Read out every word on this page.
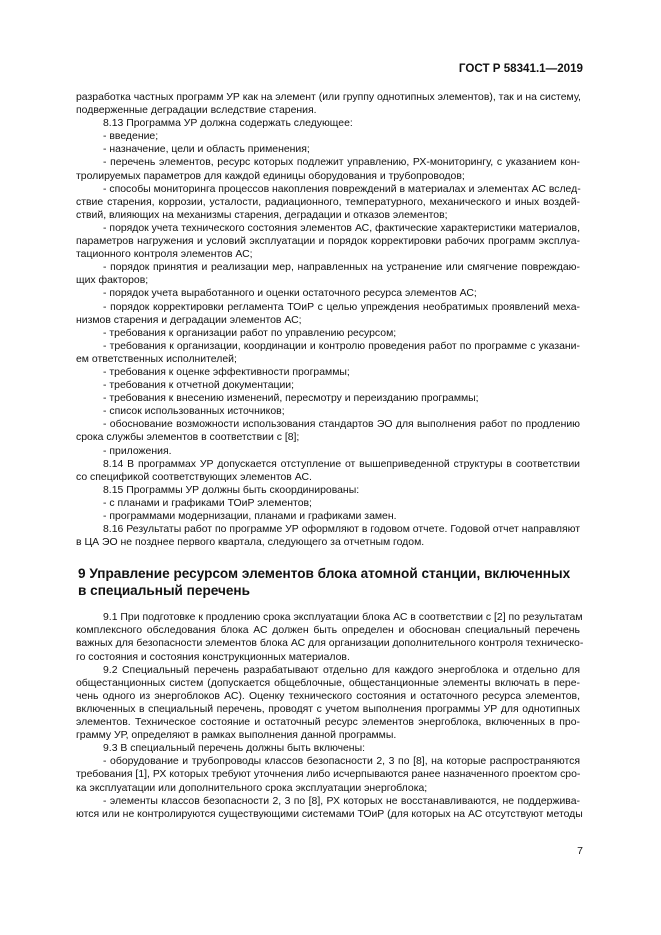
ГОСТ Р 58341.1—2019
разработка частных программ УР как на элемент (или группу однотипных элементов), так и на систему,
подверженные деградации вследствие старения.
8.13 Программа УР должна содержать следующее:
- введение;
- назначение, цели и область применения;
- перечень элементов, ресурс которых подлежит управлению, РХ-мониторингу, с указанием кон-
тролируемых параметров для каждой единицы оборудования и трубопроводов;
- способы мониторинга процессов накопления повреждений в материалах и элементах АС вслед-
ствие старения, коррозии, усталости, радиационного, температурного, механического и иных воздей-
ствий, влияющих на механизмы старения, деградации и отказов элементов;
- порядок учета технического состояния элементов АС, фактические характеристики материалов,
параметров нагружения и условий эксплуатации и порядок корректировки рабочих программ эксплуа-
тационного контроля элементов АС;
- порядок принятия и реализации мер, направленных на устранение или смягчение повреждаю-
щих факторов;
- порядок учета выработанного и оценки остаточного ресурса элементов АС;
- порядок корректировки регламента ТОиР с целью упреждения необратимых проявлений меха-
низмов старения и деградации элементов АС;
- требования к организации работ по управлению ресурсом;
- требования к организации, координации и контролю проведения работ по программе с указани-
ем ответственных исполнителей;
- требования к оценке эффективности программы;
- требования к отчетной документации;
- требования к внесению изменений, пересмотру и переизданию программы;
- список использованных источников;
- обоснование возможности использования стандартов ЭО для выполнения работ по продлению
срока службы элементов в соответствии с [8];
- приложения.
8.14 В программах УР допускается отступление от вышеприведенной структуры в соответствии
со спецификой соответствующих элементов АС.
8.15 Программы УР должны быть скоординированы:
- с планами и графиками ТОиР элементов;
- программами модернизации, планами и графиками замен.
8.16 Результаты работ по программе УР оформляют в годовом отчете. Годовой отчет направляют
в ЦА ЭО не позднее первого квартала, следующего за отчетным годом.
9 Управление ресурсом элементов блока атомной станции, включенных
в специальный перечень
9.1 При подготовке к продлению срока эксплуатации блока АС в соответствии с [2] по результатам
комплексного обследования блока АС должен быть определен и обоснован специальный перечень
важных для безопасности элементов блока АС для организации дополнительного контроля техническо-
го состояния и состояния конструкционных материалов.
9.2 Специальный перечень разрабатывают отдельно для каждого энергоблока и отдельно для
общестанционных систем (допускается общеблочные, общестанционные элементы включать в пере-
чень одного из энергоблоков АС). Оценку технического состояния и остаточного ресурса элементов,
включенных в специальный перечень, проводят с учетом выполнения программы УР для однотипных
элементов. Техническое состояние и остаточный ресурс элементов энергоблока, включенных в про-
грамму УР, определяют в рамках выполнения данной программы.
9.3 В специальный перечень должны быть включены:
- оборудование и трубопроводы классов безопасности 2, 3 по [8], на которые распространяются
требования [1], РХ которых требуют уточнения либо исчерпываются ранее назначенного проектом сро-
ка эксплуатации или дополнительного срока эксплуатации энергоблока;
- элементы классов безопасности 2, 3 по [8], РХ которых не восстанавливаются, не поддержива-
ются или не контролируются существующими системами ТОиР (для которых на АС отсутствуют методы
7
